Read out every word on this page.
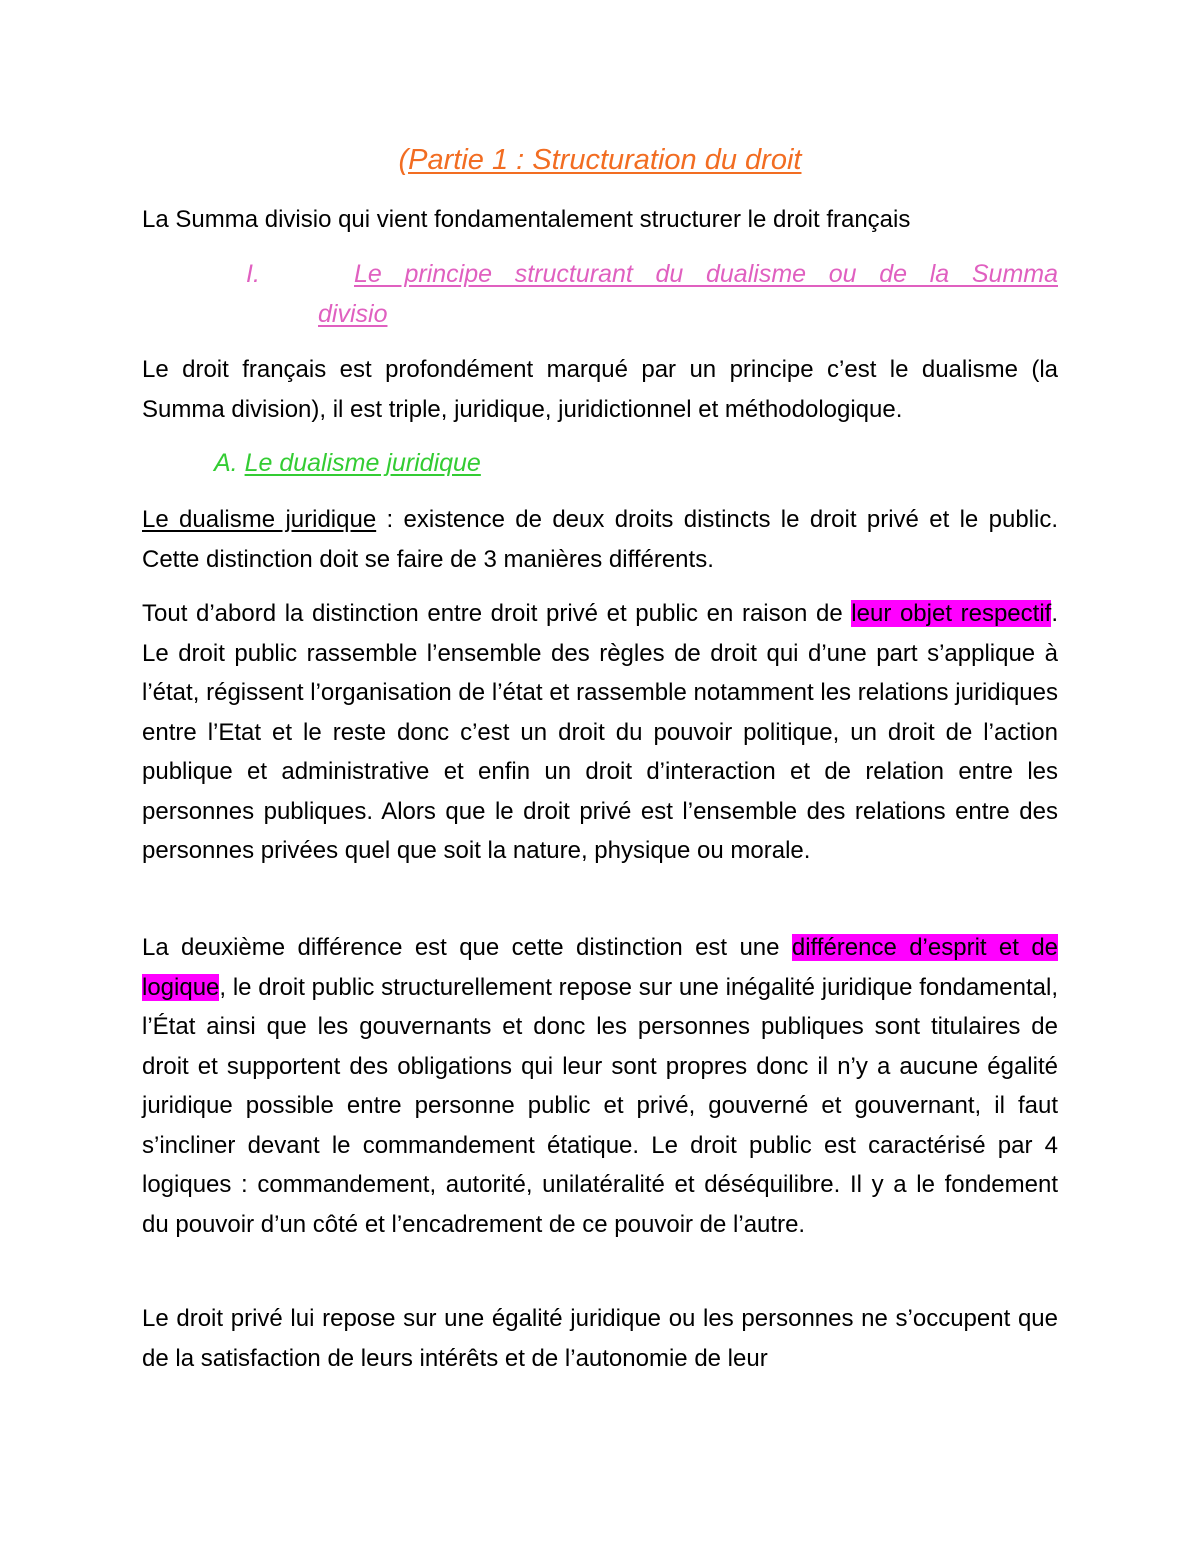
(Partie 1 : Structuration du droit
La Summa divisio qui vient fondamentalement structurer le droit français
I.	Le principe structurant du dualisme ou de la Summa
divisio

Le droit français est profondément marqué par un principe c’est le dualisme (la Summa division), il est triple, juridique, juridictionnel et méthodologique.

A. Le dualisme juridique

Le dualisme juridique : existence de deux droits distincts le droit privé et le public. Cette distinction doit se faire de 3 manières différents.

Tout d’abord la distinction entre droit privé et public en raison de leur objet respectif. Le droit public rassemble l’ensemble des règles de droit qui d’une part s’applique à l’état, régissent l’organisation de l’état et rassemble notamment les relations juridiques entre l’Etat et le reste donc c’est un droit du pouvoir politique, un droit de l’action publique et administrative et enfin un droit d’interaction et de relation entre les personnes publiques. Alors que le droit privé est l’ensemble des relations entre des personnes privées quel que soit la nature, physique ou morale.

La deuxième différence est que cette distinction est une différence d’esprit et de logique, le droit public structurellement repose sur une inégalité juridique fondamental, l’État ainsi que les gouvernants et donc les personnes publiques sont titulaires de droit et supportent des obligations qui leur sont propres donc il n’y a aucune égalité juridique possible entre personne public et privé, gouverné et gouvernant, il faut s’incliner devant le commandement étatique. Le droit public est caractérisé par 4 logiques : commandement, autorité, unilatéralité et déséquilibre. Il y a le fondement du pouvoir d’un côté et l’encadrement de ce pouvoir de l’autre.

Le droit privé lui repose sur une égalité juridique ou les personnes ne s’occupent que de la satisfaction de leurs intérêts et de l’autonomie de leur
